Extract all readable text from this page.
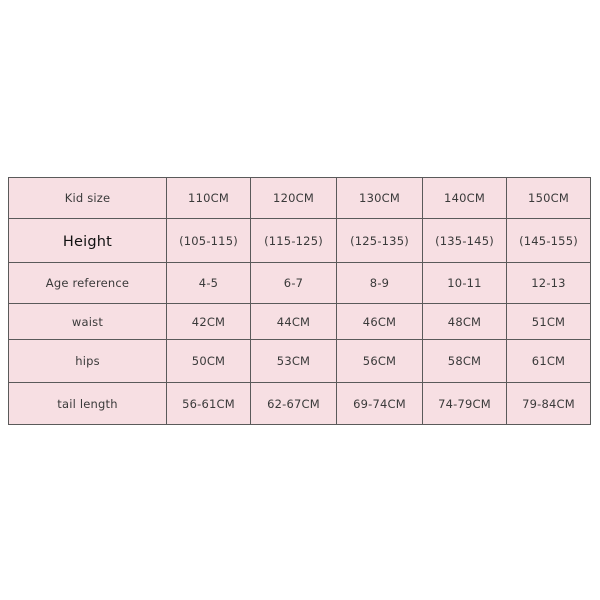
Kid size	110CM	120CM	130CM	140CM	150CM
Height	(105-115)	(115-125)	(125-135)	(135-145)	(145-155)
Age reference	4-5	6-7	8-9	10-11	12-13
waist	42CM	44CM	46CM	48CM	51CM
hips	50CM	53CM	56CM	58CM	61CM
tail length	56-61CM	62-67CM	69-74CM	74-79CM	79-84CM
